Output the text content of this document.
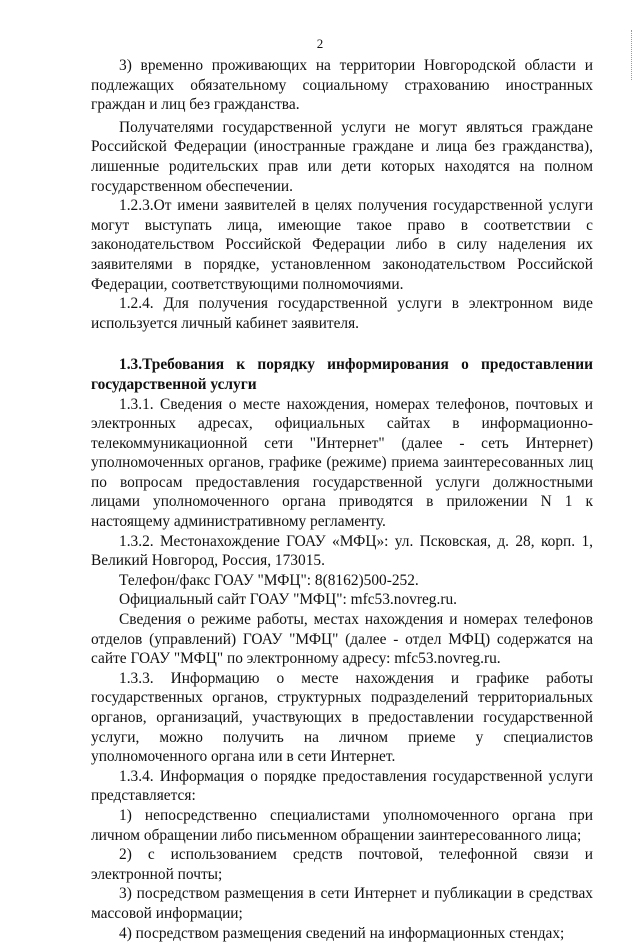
2

3) временно проживающих на территории Новгородской области и подлежащих обязательному социальному страхованию иностранных граждан и лиц без гражданства.

Получателями государственной услуги не могут являться граждане Российской Федерации (иностранные граждане и лица без гражданства), лишенные родительских прав или дети которых находятся на полном государственном обеспечении.

1.2.3.От имени заявителей в целях получения государственной услуги могут выступать лица, имеющие такое право в соответствии с законодательством Российской Федерации либо в силу наделения их заявителями в порядке, установленном законодательством Российской Федерации, соответствующими полномочиями.

1.2.4. Для получения государственной услуги в электронном виде используется личный кабинет заявителя.

1.3.Требования к порядку информирования о предоставлении государственной услуги

1.3.1. Сведения о месте нахождения, номерах телефонов, почтовых и электронных адресах, официальных сайтах в информационно-телекоммуникационной сети "Интернет" (далее - сеть Интернет) уполномоченных органов, графике (режиме) приема заинтересованных лиц по вопросам предоставления государственной услуги должностными лицами уполномоченного органа приводятся в приложении N 1 к настоящему административному регламенту.

1.3.2. Местонахождение ГОАУ «МФЦ»: ул. Псковская, д. 28, корп. 1, Великий Новгород, Россия, 173015.

Телефон/факс ГОАУ "МФЦ": 8(8162)500-252.

Официальный сайт ГОАУ "МФЦ": mfc53.novreg.ru.

Сведения о режиме работы, местах нахождения и номерах телефонов отделов (управлений) ГОАУ "МФЦ" (далее - отдел МФЦ) содержатся на сайте ГОАУ "МФЦ" по электронному адресу: mfc53.novreg.ru.

1.3.3. Информацию о месте нахождения и графике работы государственных органов, структурных подразделений территориальных органов, организаций, участвующих в предоставлении государственной услуги, можно получить на личном приеме у специалистов уполномоченного органа или в сети Интернет.

1.3.4. Информация о порядке предоставления государственной услуги представляется:

1) непосредственно специалистами уполномоченного органа при личном обращении либо письменном обращении заинтересованного лица;

2) с использованием средств почтовой, телефонной связи и электронной почты;

3) посредством размещения в сети Интернет и публикации в средствах массовой информации;

4) посредством размещения сведений на информационных стендах;
